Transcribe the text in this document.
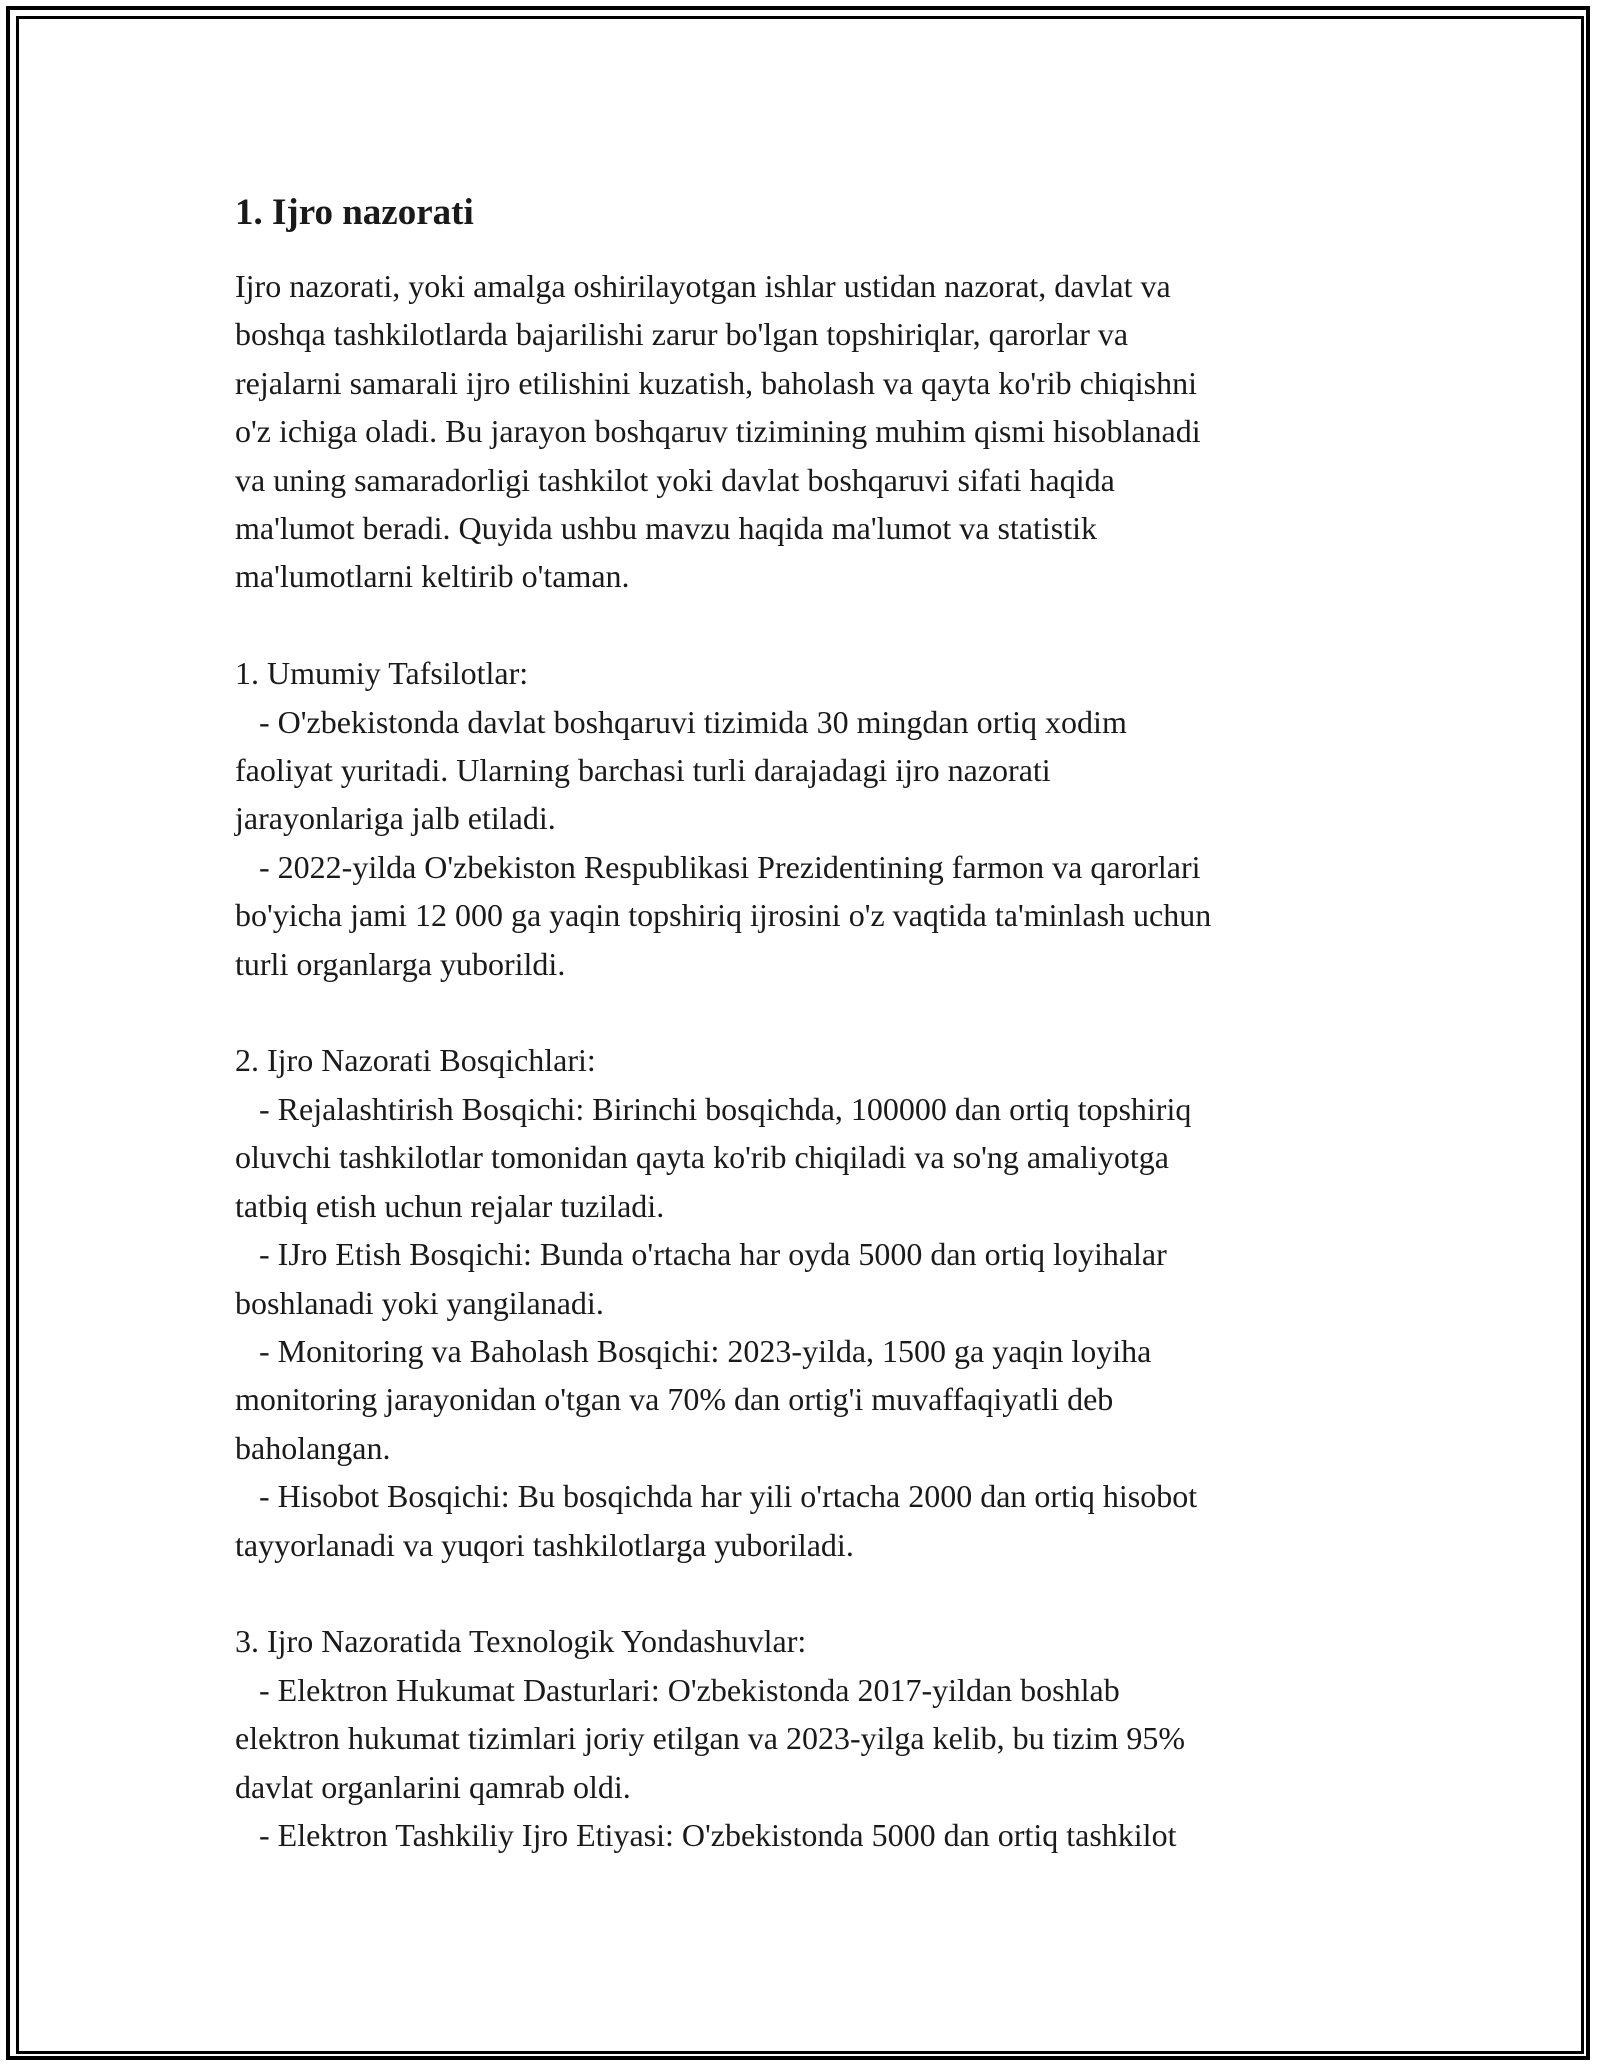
1. Ijro nazorati

Ijro nazorati, yoki amalga oshirilayotgan ishlar ustidan nazorat, davlat va
boshqa tashkilotlarda bajarilishi zarur bo'lgan topshiriqlar, qarorlar va
rejalarni samarali ijro etilishini kuzatish, baholash va qayta ko'rib chiqishni
o'z ichiga oladi. Bu jarayon boshqaruv tizimining muhim qismi hisoblanadi
va uning samaradorligi tashkilot yoki davlat boshqaruvi sifati haqida
ma'lumot beradi. Quyida ushbu mavzu haqida ma'lumot va statistik
ma'lumotlarni keltirib o'taman.

1. Umumiy Tafsilotlar:

- O'zbekistonda davlat boshqaruvi tizimida 30 mingdan ortiq xodim
faoliyat yuritadi. Ularning barchasi turli darajadagi ijro nazorati
jarayonlariga jalb etiladi.

- 2022-yilda O'zbekiston Respublikasi Prezidentining farmon va qarorlari
bo'yicha jami 12 000 ga yaqin topshiriq ijrosini o'z vaqtida ta'minlash uchun
turli organlarga yuborildi.

2. Ijro Nazorati Bosqichlari:

- Rejalashtirish Bosqichi: Birinchi bosqichda, 100000 dan ortiq topshiriq
oluvchi tashkilotlar tomonidan qayta ko'rib chiqiladi va so'ng amaliyotga
tatbiq etish uchun rejalar tuziladi.

- IJro Etish Bosqichi: Bunda o'rtacha har oyda 5000 dan ortiq loyihalar
boshlanadi yoki yangilanadi.

- Monitoring va Baholash Bosqichi: 2023-yilda, 1500 ga yaqin loyiha
monitoring jarayonidan o'tgan va 70% dan ortig'i muvaffaqiyatli deb
baholangan.

- Hisobot Bosqichi: Bu bosqichda har yili o'rtacha 2000 dan ortiq hisobot
tayyorlanadi va yuqori tashkilotlarga yuboriladi.

3. Ijro Nazoratida Texnologik Yondashuvlar:

- Elektron Hukumat Dasturlari: O'zbekistonda 2017-yildan boshlab
elektron hukumat tizimlari joriy etilgan va 2023-yilga kelib, bu tizim 95%
davlat organlarini qamrab oldi.

- Elektron Tashkiliy Ijro Etiyasi: O'zbekistonda 5000 dan ortiq tashkilot
